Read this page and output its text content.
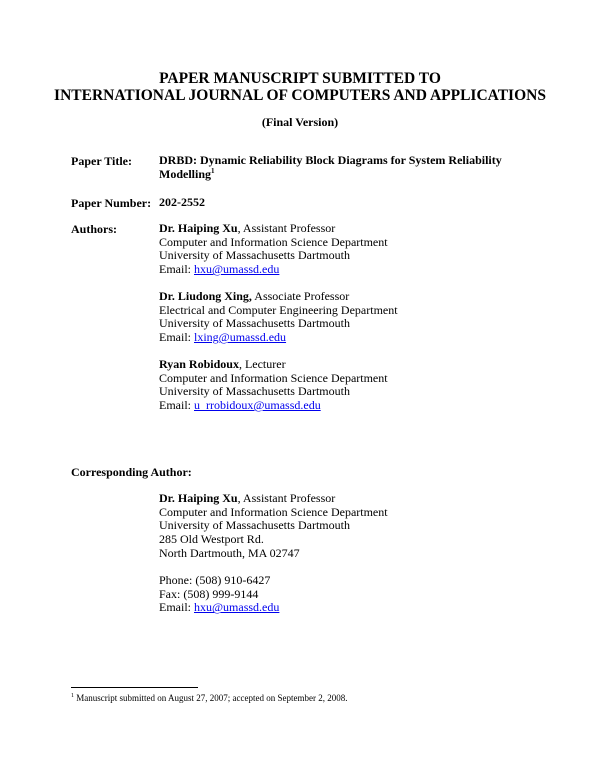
PAPER MANUSCRIPT SUBMITTED TO
INTERNATIONAL JOURNAL OF COMPUTERS AND APPLICATIONS
(Final Version)
Paper Title: DRBD: Dynamic Reliability Block Diagrams for System Reliability
Modelling$^1$
Paper Number: 202-2552
Authors:	Dr. Haiping Xu, Assistant Professor
Computer and Information Science Department
University of Massachusetts Dartmouth
Email: hxu@umassd.edu
Dr. Liudong Xing, Associate Professor
Electrical and Computer Engineering Department
University of Massachusetts Dartmouth
Email: lxing@umassd.edu
Ryan Robidoux, Lecturer
Computer and Information Science Department
University of Massachusetts Dartmouth
Email: u_rrobidoux@umassd.edu
Corresponding Author:
Dr. Haiping Xu, Assistant Professor
Computer and Information Science Department
University of Massachusetts Dartmouth
285 Old Westport Rd.
North Dartmouth, MA 02747
Phone: (508) 910-6427
Fax: (508) 999-9144
Email: hxu@umassd.edu
$^1$ Manuscript submitted on August 27, 2007; accepted on September 2, 2008.
